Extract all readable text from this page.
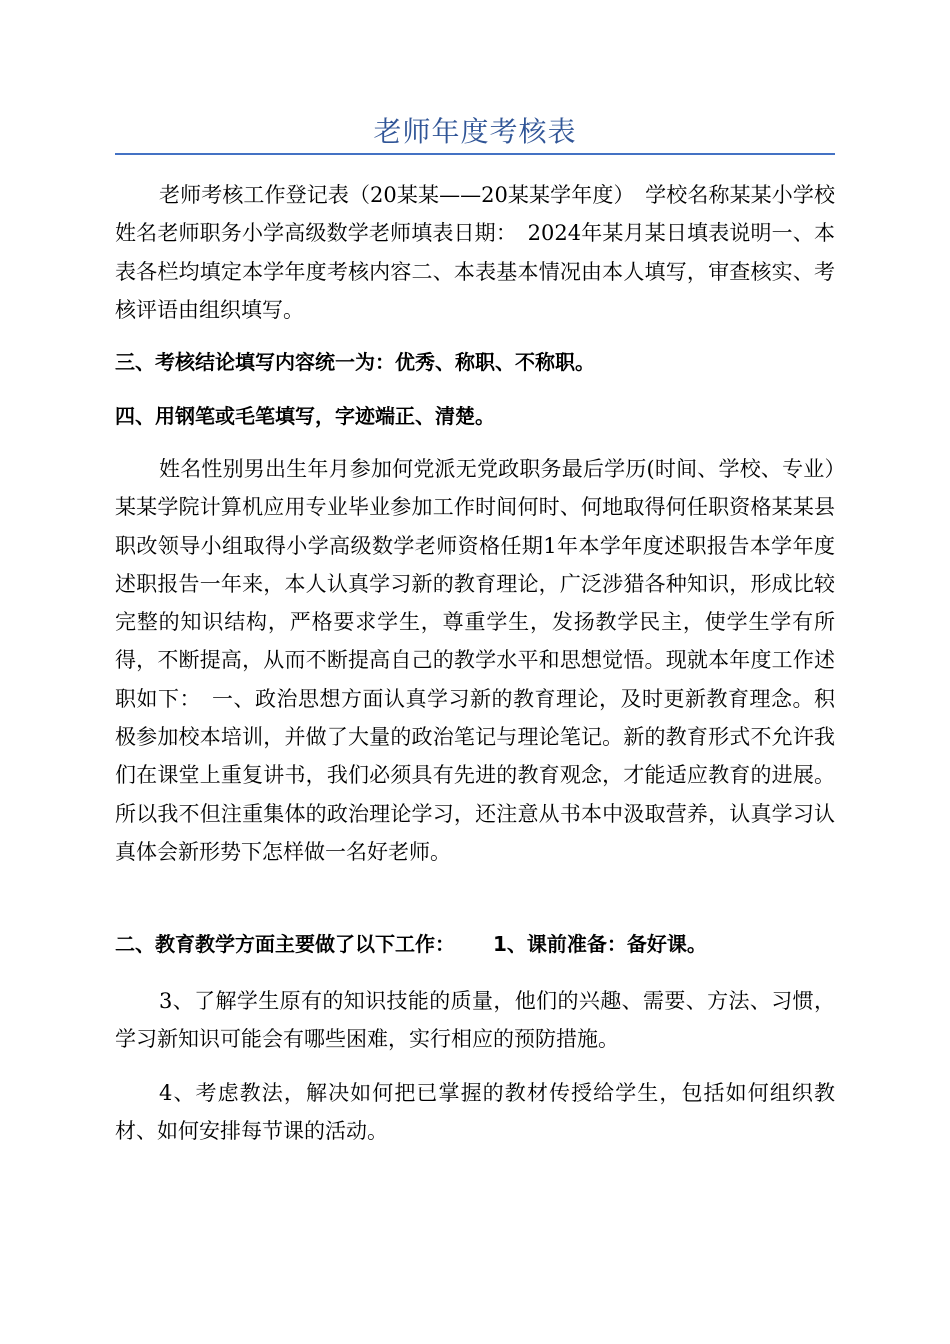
老师年度考核表

老师考核工作登记表（20某某——20某某学年度）　学校名称某某小学校姓名老师职务小学高级数学老师填表日期：　2024年某月某日填表说明一、本表各栏均填定本学年度考核内容二、本表基本情况由本人填写，审查核实、考核评语由组织填写。

三、考核结论填写内容统一为：优秀、称职、不称职。

四、用钢笔或毛笔填写，字迹端正、清楚。

姓名性别男出生年月参加何党派无党政职务最后学历(时间、学校、专业）　某某学院计算机应用专业毕业参加工作时间何时、何地取得何任职资格某某县职改领导小组取得小学高级数学老师资格任期1年本学年度述职报告本学年度述职报告一年来，本人认真学习新的教育理论，广泛涉猎各种知识，形成比较完整的知识结构，严格要求学生，尊重学生，发扬教学民主，使学生学有所得，不断提高，从而不断提高自己的教学水平和思想觉悟。现就本年度工作述职如下：　一、政治思想方面认真学习新的教育理论，及时更新教育理念。积极参加校本培训，并做了大量的政治笔记与理论笔记。新的教育形式不允许我们在课堂上重复讲书，我们必须具有先进的教育观念，才能适应教育的进展。所以我不但注重集体的政治理论学习，还注意从书本中汲取营养，认真学习认真体会新形势下怎样做一名好老师。

二、教育教学方面主要做了以下工作： 1、课前准备：备好课。

3、了解学生原有的知识技能的质量，他们的兴趣、需要、方法、习惯，学习新知识可能会有哪些困难，实行相应的预防措施。

4、考虑教法，解决如何把已掌握的教材传授给学生，包括如何组织教材、如何安排每节课的活动。
